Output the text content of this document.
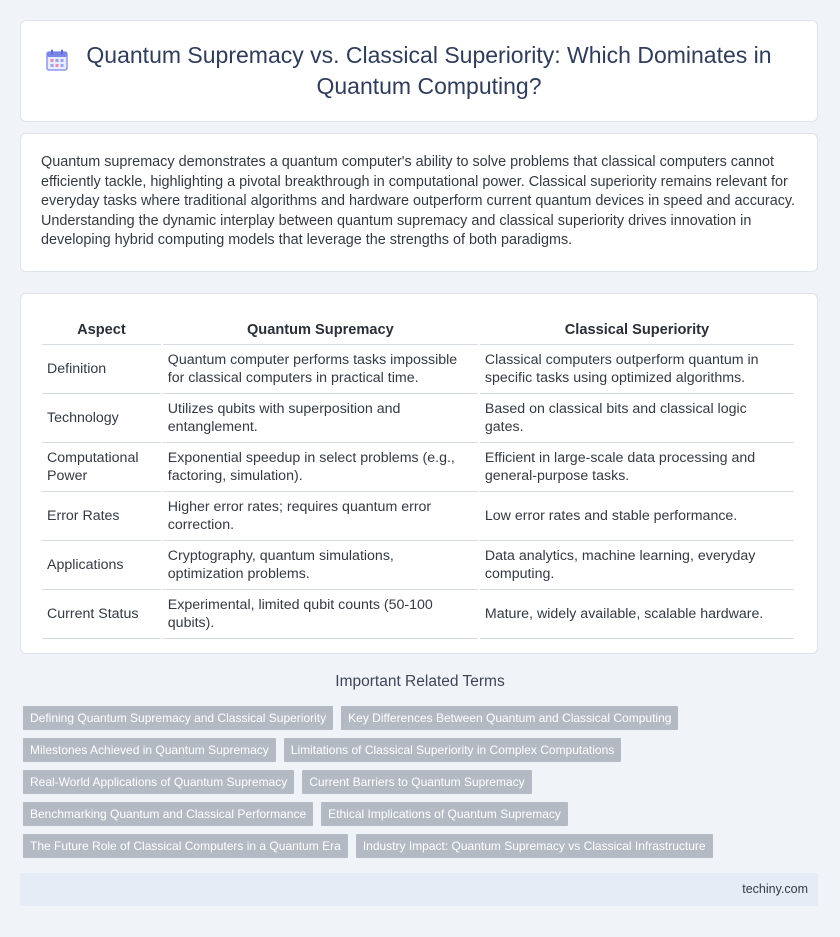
Quantum Supremacy vs. Classical Superiority: Which Dominates in Quantum Computing?

Quantum supremacy demonstrates a quantum computer's ability to solve problems that classical computers cannot efficiently tackle, highlighting a pivotal breakthrough in computational power. Classical superiority remains relevant for everyday tasks where traditional algorithms and hardware outperform current quantum devices in speed and accuracy. Understanding the dynamic interplay between quantum supremacy and classical superiority drives innovation in developing hybrid computing models that leverage the strengths of both paradigms.

Aspect	Quantum Supremacy	Classical Superiority
Definition	Quantum computer performs tasks impossible for classical computers in practical time.	Classical computers outperform quantum in specific tasks using optimized algorithms.
Technology	Utilizes qubits with superposition and entanglement.	Based on classical bits and classical logic gates.
Computational Power	Exponential speedup in select problems (e.g., factoring, simulation).	Efficient in large-scale data processing and general-purpose tasks.
Error Rates	Higher error rates; requires quantum error correction.	Low error rates and stable performance.
Applications	Cryptography, quantum simulations, optimization problems.	Data analytics, machine learning, everyday computing.
Current Status	Experimental, limited qubit counts (50-100 qubits).	Mature, widely available, scalable hardware.
Important Related Terms
Defining Quantum Supremacy and Classical Superiority	Key Differences Between Quantum and Classical Computing
Milestones Achieved in Quantum Supremacy	Limitations of Classical Superiority in Complex Computations
Real-World Applications of Quantum Supremacy	Current Barriers to Quantum Supremacy
Benchmarking Quantum and Classical Performance	Ethical Implications of Quantum Supremacy
The Future Role of Classical Computers in a Quantum Era	Industry Impact: Quantum Supremacy vs Classical Infrastructure
techiny.com
